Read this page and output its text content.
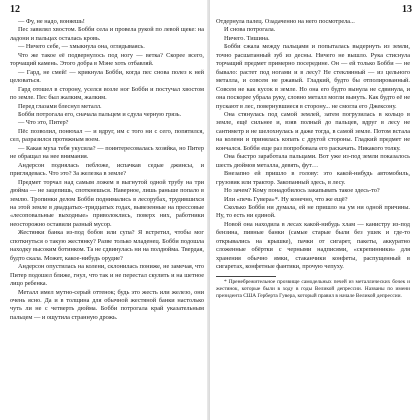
12

— Фу, не надо, воняешь!

Пес завилял хвостом. Бобби села и провела рукой по левой щеке: на ладони и пальцах осталась кровь.

— Ничего себе, — хмыкнула она, оглядываясь.

Что же такое её подвернулось под ногу — ветка? Скорее всего, торчащий камень. Этого добра в Мэне хоть отбавляй.

— Гард, не смей! — крикнула Бобби, когда пес снова полез к ней целоваться.

Гард отошел в сторону, уселся возле ног Бобби и постучал хвостом по земле. Пес был жалким, жалким.

Перед глазами блеснул металл.

Бобби потрогала его, сначала пальцем и сдула черную грязь.

— Что это, Питер?

Пёс позволил, понюхал — и вдруг, им с того ни с сего, попятился, сел, разразился протяжным воем.

— Какая муха тебя укусила? — поинтересовалась хозяйка, но Питер не обращал на нее внимания.

Андерсон поднялась пебложе, испачкав седые джинсы, и приглядевась. Что это? За железка в земле?

Предмет торчал над самым ложем в выгнутой одной трубу на три дюйма — не зацепишь, споткнешься. Наверное, лишь раньше попало в землю. Тропинки делом Бобби поднимались в лесорубах, трудившихся на этой земле в двадцатых–тридцатых годах, вывезенные на прессовые «лесоповальные выходные» приволоклись, поверх них, работники неосторожно оставили разный мусор.

Жестянки банка из-под бобов или супа? Я встретил, чтобы мог споткнуться о такую жестянку? Разве только младенец. Бобби подошла находку высоким ботинком. Та не сдвинулась ни на полдюйма. Твердая, будто скала. Может, какое-нибудь орудие?

Андерсон опустилась на колени, склонилась пониже, не замечая, что Питер подошел ближе, гнул, что так и не перестал скулить и на шетное лицо ребенка.

Металл имел мутно-серый оттенок; будь это жесть или железо, они очень ясно. Да и в толщина для обычной жестяной банки настолько чуть ли не с четверть дюйма. Бобби потрогала край указательным пальцем — и ощутила странную дрожь.

13

Отдернула палец. Озадаченно на него посмотрела...

И снова потрогала.

Ничего. Тишина.

Бобби сжала между пальцами и попыталась выдернуть из земли, точно расшатанный зуб из десны. Ничего не вышло. Рука стиснула торчащий предмет примерно посередине. Он — ей только Бобби — не бывало: растет под ногами и в лесу? Не стеклянный — из цельного металла, и совсем не ржавый. Гладкий, будто бы отполированный. Совсем не как кусок в земле. Но она его будто вынула не сдвинула, и она поскорее убрала руку, словно металл могли вынуть. Как будто её не пускают в лес, повернувшиеся в сторону... не смогла его Джексону.

Она стянулась под самой землей, затем погрузилась в кольцо в земле, ещё сильнее и, взяв полный до пальцев, вдруг в лесу не сантиметр и не шелохнулась и даже тогда, в самой земле. Потом встала на колени и принялась копать с другой стороны. Гладкий предмет не кончался. Бобби еще раз попробовала его раскачать. Никакого толку.

Она быстро заработала пальцами. Вот уже из-под земли показалось шесть дюймов металла, девять, фут…

Внезапно ей пришло в голову: это какой-нибудь автомобиль, грузовик или трактор. Закопанный здесь, в лесу.

Но зачем? Кому понадобилось закапывать такое здесь-то?

Или «печь Гувера»*. Ну конечно, что же ещё?

Сколько Бобби ни думала, ей не пришло на ум ни одной причины. Ну, то есть ни единой.

Новой она находила в лесах какой-нибудь хлам — канистру из-под бензина, пивные банки (самые старые были без ушек и где-то открывались на крышке), пачки от сигарет, пакеты, аккуратно сложенные обёртки с черными надписями, «скрепинники» для хранения обычно ямки, стаканчики конфеты, распущенный в сигаретах, конфетные фантики, прочую чепуху.

* Пренебрежительное прозвище самодельных печей из металлических бочек и жестянок, которые были в ходу в годы Великой депрессии. Названы по имени президента США Герберта Гувера, который правил в начале Великой депрессии.
